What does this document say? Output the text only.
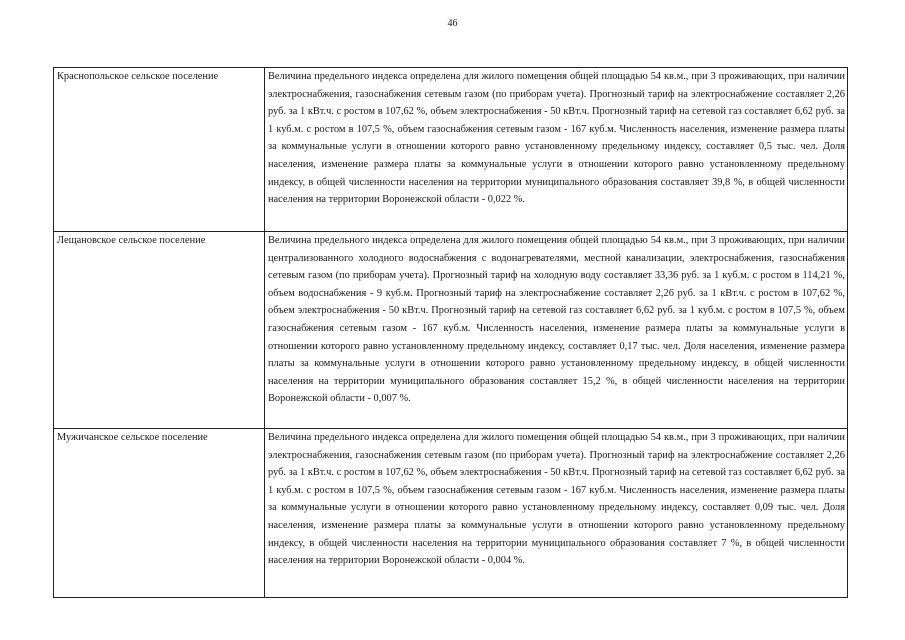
46
Краснопольское сельское поселение	Величина предельного индекса определена для жилого помещения общей площадью 54 кв.м., при 3 проживающих, при наличии электроснабжения, газоснабжения сетевым газом (по приборам учета). Прогнозный тариф на электроснабжение составляет 2,26 руб. за 1 кВт.ч. с ростом в 107,62 %, объем электроснабжения - 50 кВт.ч. Прогнозный тариф на сетевой газ составляет 6,62 руб. за 1 куб.м. с ростом в 107,5 %, объем газоснабжения сетевым газом - 167 куб.м. Численность населения, изменение размера платы за коммунальные услуги в отношении которого равно установленному предельному индексу, составляет 0,5 тыс. чел. Доля населения, изменение размера платы за коммунальные услуги в отношении которого равно установленному предельному индексу, в общей численности населения на территории муниципального образования составляет 39,8 %, в общей численности населения на территории Воронежской области - 0,022 %.
Лещановское сельское поселение	Величина предельного индекса определена для жилого помещения общей площадью 54 кв.м., при 3 проживающих, при наличии централизованного холодного водоснабжения с водонагревателями, местной канализации, электроснабжения, газоснабжения сетевым газом (по приборам учета). Прогнозный тариф на холодную воду составляет 33,36 руб. за 1 куб.м. с ростом в 114,21 %, объем водоснабжения - 9 куб.м. Прогнозный тариф на электроснабжение составляет 2,26 руб. за 1 кВт.ч. с ростом в 107,62 %, объем электроснабжения - 50 кВт.ч. Прогнозный тариф на сетевой газ составляет 6,62 руб. за 1 куб.м. с ростом в 107,5 %, объем газоснабжения сетевым газом - 167 куб.м. Численность населения, изменение размера платы за коммунальные услуги в отношении которого равно установленному предельному индексу, составляет 0,17 тыс. чел. Доля населения, изменение размера платы за коммунальные услуги в отношении которого равно установленному предельному индексу, в общей численности населения на территории муниципального образования составляет 15,2 %, в общей численности населения на территории Воронежской области - 0,007 %.
Мужичанское сельское поселение	Величина предельного индекса определена для жилого помещения общей площадью 54 кв.м., при 3 проживающих, при наличии электроснабжения, газоснабжения сетевым газом (по приборам учета). Прогнозный тариф на электроснабжение составляет 2,26 руб. за 1 кВт.ч. с ростом в 107,62 %, объем электроснабжения - 50 кВт.ч. Прогнозный тариф на сетевой газ составляет 6,62 руб. за 1 куб.м. с ростом в 107,5 %, объем газоснабжения сетевым газом - 167 куб.м. Численность населения, изменение размера платы за коммунальные услуги в отношении которого равно установленному предельному индексу, составляет 0,09 тыс. чел. Доля населения, изменение размера платы за коммунальные услуги в отношении которого равно установленному предельному индексу, в общей численности населения на территории муниципального образования составляет 7 %, в общей численности населения на территории Воронежской области - 0,004 %.
